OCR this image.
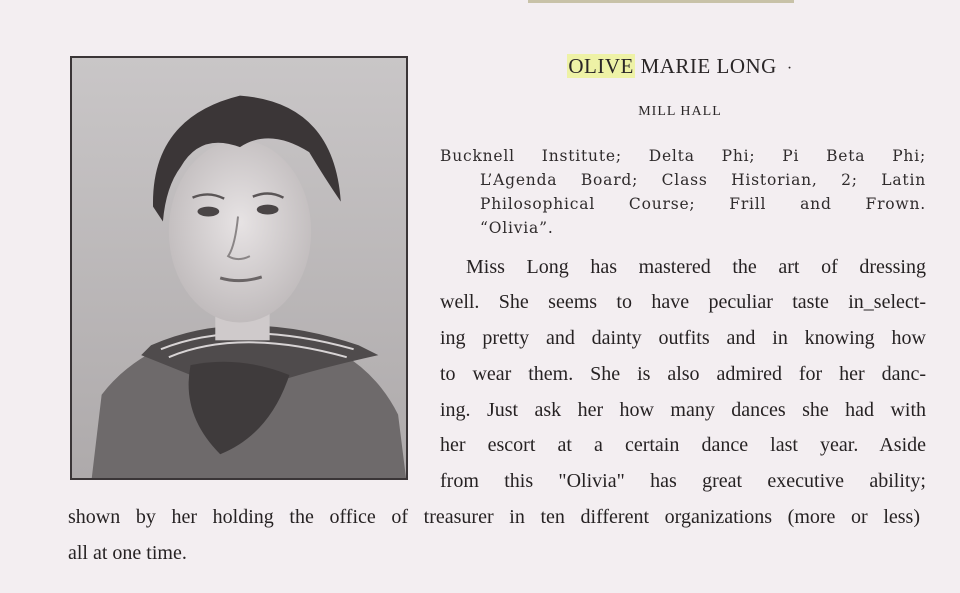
OLIVE MARIE LONG ·
MILL HALL
Bucknell Institute; Delta Phi; Pi Beta Phi;
L’Agenda Board; Class Historian, 2; Latin
Philosophical Course; Frill and Frown.
“Olivia”.
Miss Long has mastered the art of dressing
well. She seems to have peculiar taste in_select-
ing pretty and dainty outfits and in knowing how
to wear them. She is also admired for her danc-
ing. Just ask her how many dances she had with
her escort at a certain dance last year. Aside
from this "Olivia" has great executive ability;
shown by her holding the office of treasurer in ten different organizations (more or less)
all at one time.
